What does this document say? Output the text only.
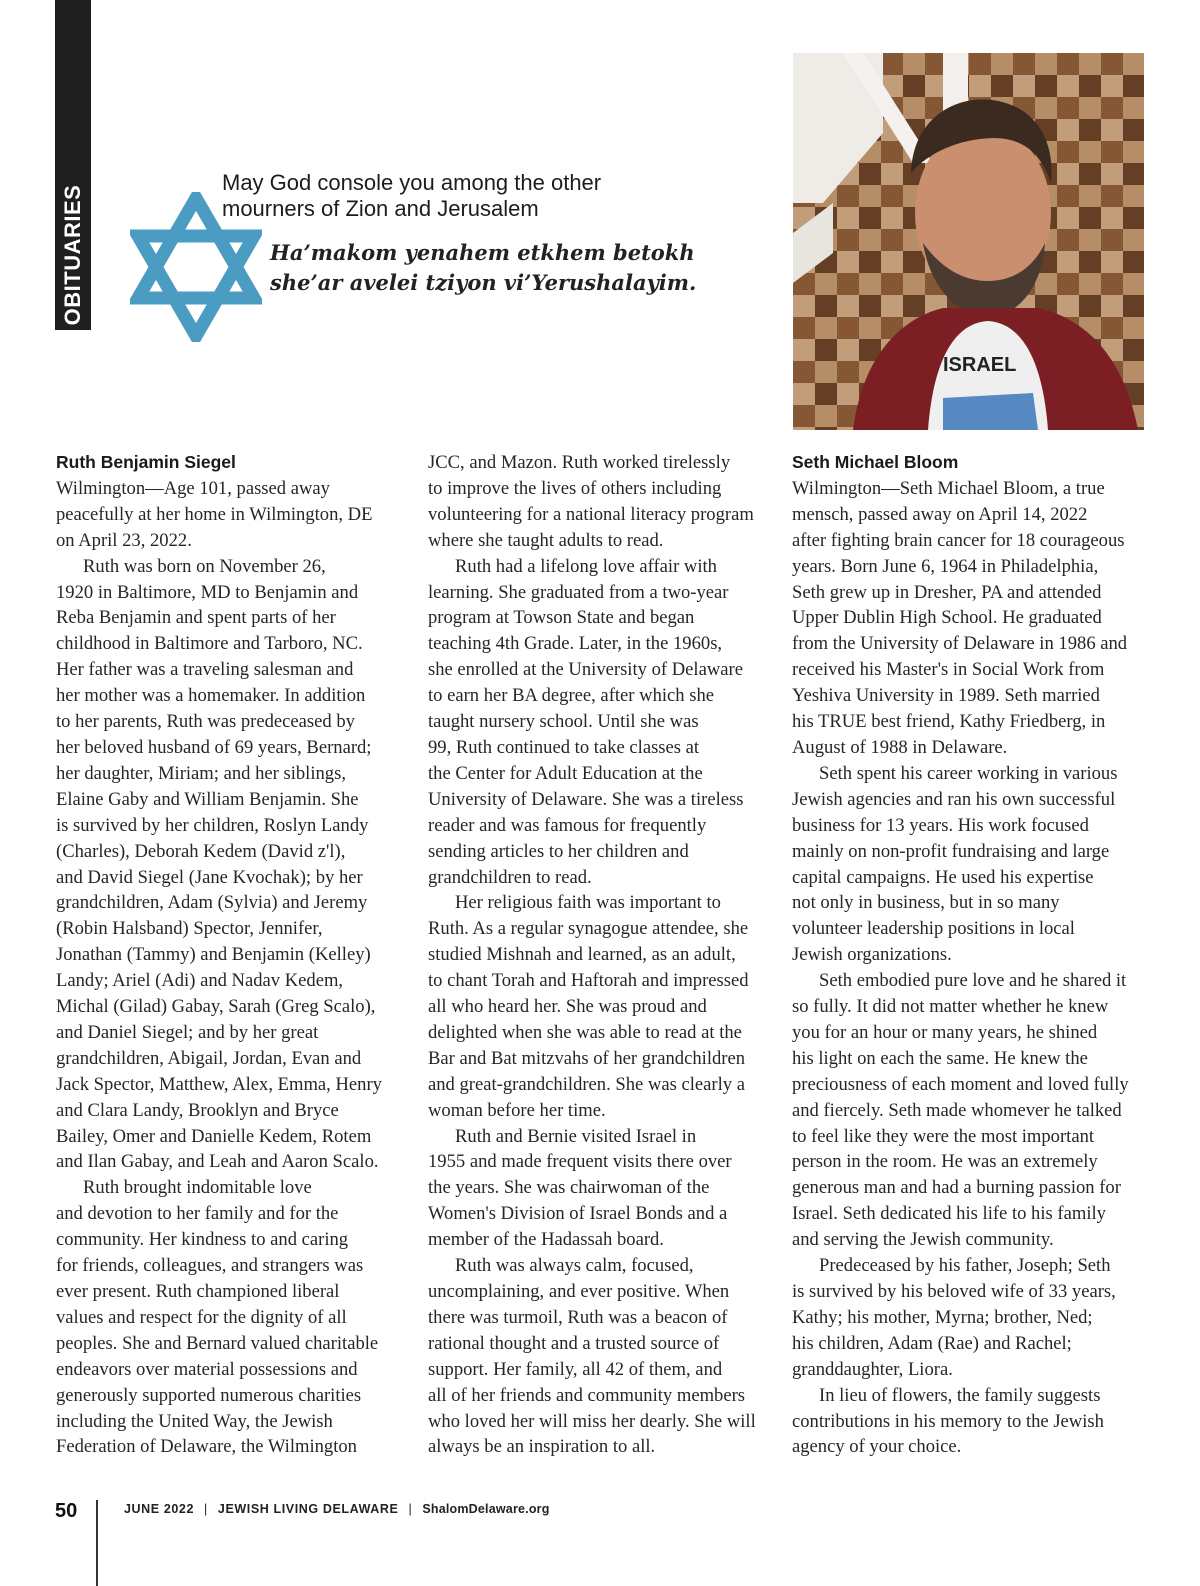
OBITUARIES
May God console you among the other
mourners of Zion and Jerusalem
Ha’makom yenahem etkhem betokh
she’ar avelei tziyon vi’Yerushalayim.
ISRAEL
Ruth Benjamin Siegel

Wilmington—Age 101, passed away

peacefully at her home in Wilmington, DE

on April 23, 2022.

Ruth was born on November 26,

1920 in Baltimore, MD to Benjamin and

Reba Benjamin and spent parts of her

childhood in Baltimore and Tarboro, NC.

Her father was a traveling salesman and

her mother was a homemaker. In addition

to her parents, Ruth was predeceased by

her beloved husband of 69 years, Bernard;

her daughter, Miriam; and her siblings,

Elaine Gaby and William Benjamin. She

is survived by her children, Roslyn Landy

(Charles), Deborah Kedem (David z'l),

and David Siegel (Jane Kvochak); by her

grandchildren, Adam (Sylvia) and Jeremy

(Robin Halsband) Spector, Jennifer,

Jonathan (Tammy) and Benjamin (Kelley)

Landy; Ariel (Adi) and Nadav Kedem,

Michal (Gilad) Gabay, Sarah (Greg Scalo),

and Daniel Siegel; and by her great

grandchildren, Abigail, Jordan, Evan and

Jack Spector, Matthew, Alex, Emma, Henry

and Clara Landy, Brooklyn and Bryce

Bailey, Omer and Danielle Kedem, Rotem

and Ilan Gabay, and Leah and Aaron Scalo.

Ruth brought indomitable love

and devotion to her family and for the

community. Her kindness to and caring

for friends, colleagues, and strangers was

ever present. Ruth championed liberal

values and respect for the dignity of all

peoples. She and Bernard valued charitable

endeavors over material possessions and

generously supported numerous charities

including the United Way, the Jewish

Federation of Delaware, the Wilmington

JCC, and Mazon. Ruth worked tirelessly

to improve the lives of others including

volunteering for a national literacy program

where she taught adults to read.

Ruth had a lifelong love affair with

learning. She graduated from a two-year

program at Towson State and began

teaching 4th Grade. Later, in the 1960s,

she enrolled at the University of Delaware

to earn her BA degree, after which she

taught nursery school. Until she was

99, Ruth continued to take classes at

the Center for Adult Education at the

University of Delaware. She was a tireless

reader and was famous for frequently

sending articles to her children and

grandchildren to read.

Her religious faith was important to

Ruth. As a regular synagogue attendee, she

studied Mishnah and learned, as an adult,

to chant Torah and Haftorah and impressed

all who heard her. She was proud and

delighted when she was able to read at the

Bar and Bat mitzvahs of her grandchildren

and great-grandchildren. She was clearly a

woman before her time.

Ruth and Bernie visited Israel in

1955 and made frequent visits there over

the years. She was chairwoman of the

Women's Division of Israel Bonds and a

member of the Hadassah board.

Ruth was always calm, focused,

uncomplaining, and ever positive. When

there was turmoil, Ruth was a beacon of

rational thought and a trusted source of

support. Her family, all 42 of them, and

all of her friends and community members

who loved her will miss her dearly. She will

always be an inspiration to all.

Seth Michael Bloom

Wilmington—Seth Michael Bloom, a true

mensch, passed away on April 14, 2022

after fighting brain cancer for 18 courageous

years. Born June 6, 1964 in Philadelphia,

Seth grew up in Dresher, PA and attended

Upper Dublin High School. He graduated

from the University of Delaware in 1986 and

received his Master's in Social Work from

Yeshiva University in 1989. Seth married

his TRUE best friend, Kathy Friedberg, in

August of 1988 in Delaware.

Seth spent his career working in various

Jewish agencies and ran his own successful

business for 13 years. His work focused

mainly on non-profit fundraising and large

capital campaigns. He used his expertise

not only in business, but in so many

volunteer leadership positions in local

Jewish organizations.

Seth embodied pure love and he shared it

so fully. It did not matter whether he knew

you for an hour or many years, he shined

his light on each the same. He knew the

preciousness of each moment and loved fully

and fiercely. Seth made whomever he talked

to feel like they were the most important

person in the room. He was an extremely

generous man and had a burning passion for

Israel. Seth dedicated his life to his family

and serving the Jewish community.

Predeceased by his father, Joseph; Seth

is survived by his beloved wife of 33 years,

Kathy; his mother, Myrna; brother, Ned;

his children, Adam (Rae) and Rachel;

granddaughter, Liora.

In lieu of flowers, the family suggests

contributions in his memory to the Jewish

agency of your choice.

50	JUNE 2022 | JEWISH LIVING DELAWARE | ShalomDelaware.org
